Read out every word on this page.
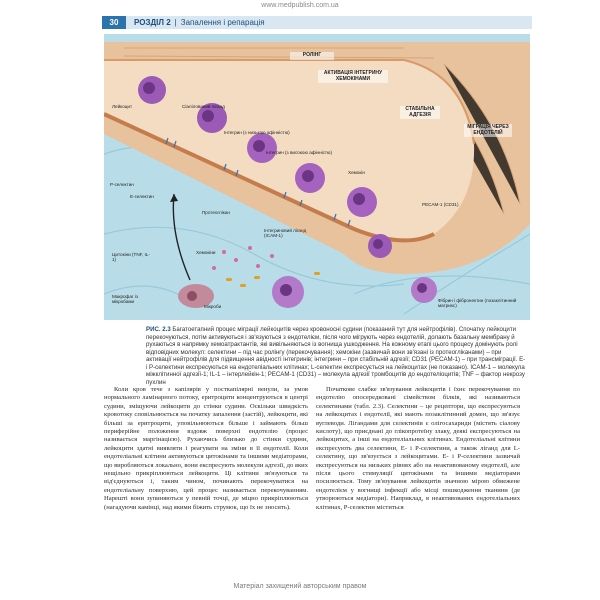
www.medpublish.com.ua
30	РОЗДІЛ 2 | Запалення і репарація
РОЛІНГ
АКТИВАЦІЯ ІНТЕГРИНУ ХЕМОКІНАМИ
СТАБІЛЬНА АДГЕЗІЯ
МІГРАЦІЯ ЧЕРЕЗ ЕНДОТЕЛІЙ
Лейкоцит	Сіалілований ліганд
Інтегрин (з низькою афінністю)
Інтегрин (з високою афінністю)
Хемокін
Р-селектин
Е-селектин
Протеоглікан
Інтегриновий ліганд (ICAM-1)
PECAM-1 (CD31)
Цитокіни (TNF, IL-1)
Хемокіни
Макрофаг із мікробами
Мікроби
Фібрин і фібронектин (позаклітинний матрикс)
РИС. 2.3 Багатоетапний процес міграції лейкоцитів через кровоносні судини (показаний тут для нейтрофілів). Спочатку лейкоцити перекочуються, потім активуються і зв'язуються з ендотелієм, після чого мігрують через ендотелій, долають базальну мембрану й рухаються в напрямку хемоатрактантів, які вивільняються із вогнища ушкодження. На кожному етапі цього процесу домінують ролі відповідних молекул: селектини – під час ролінгу (перекочування); хемокіни (зазвичай вони зв'язані із протеогліканами) – при активації нейтрофілів для підвищення авідності інтегринів; інтегрини – при стабільній адгезії; CD31 (PECAM-1) – при трансміграції. Е- і Р-селектини експресуються на ендотеліальних клітинах; L-селектин експресується на лейкоцитах (не показано). ICAM-1 – молекула міжклітинної адгезії-1; IL-1 – інтерлейкін-1; PECAM-1 (CD31) – молекула адгезії тромбоцитів до ендотеліоцитів; TNF – фактор некрозу пухлин

Коли кров тече з капілярів у посткапілярні венули, за умов нормального ламінарного потоку, еритроцити концентруються в центрі судини, зміщуючи лейкоцити до стінки судини. Оскільки швидкість кровотоку сповільнюється на початку запалення (застій), лейкоцити, які більші за еритроцити, уповільнюються більше і займають більш периферійне положення вздовж поверхні ендотелію (процес називається маргінацією). Рухаючись близько до стінки судини, лейкоцити здатні виявляти і реагувати на зміни в її ендотелії. Коли ендотеліальні клітини активуються цитокінами та іншими медіаторами, що виробляються локально, вони експресують молекули адгезії, до яких нещільно прикріплюються лейкоцити. Ці клітини зв'язуються та від'єднуються і, таким чином, починають перекочуватися на ендотеліальну поверхню, цей процес називається перекочуванням. Нарешті вони зупиняються у певній точці, де міцно прикріплюються (нагадуючи камінці, над якими біжить струмок, що їх не зносить).

Початкове слабке зв'язування лейкоцитів і їхнє перекочування по ендотелію опосередковані сімейством білків, які називаються селектинами (табл. 2.3). Селектини – це рецептори, що експресуються на лейкоцитах і ендотелії, які мають позаклітинний домен, що зв'язує вуглеводи. Лігандами для селектинів є олігосахариди (містять сіалову кислоту), що приєднані до глікопротеїну злаку, деякі експресуються на лейкоцитах, а інші на ендотеліальних клітинах. Ендотеліальні клітини експресують два селектини, Е- і Р-селектини, а також ліганд для L-селектину, що зв'язується з лейкоцитами. Е- і Р-селектини зазвичай експресуються на низьких рівнях або на неактивованому ендотелії, але після цього стимуляції цитокінами та іншими медіаторами посилюється. Тому зв'язування лейкоцитів значною мірою обмежене ендотелієм у вогнищі інфекції або місці пошкодження тканини (де утворюються медіатори). Наприклад, в неактивованих ендотеліальних клітинах, Р-селектин міститься

Матеріал захищений авторським правом
